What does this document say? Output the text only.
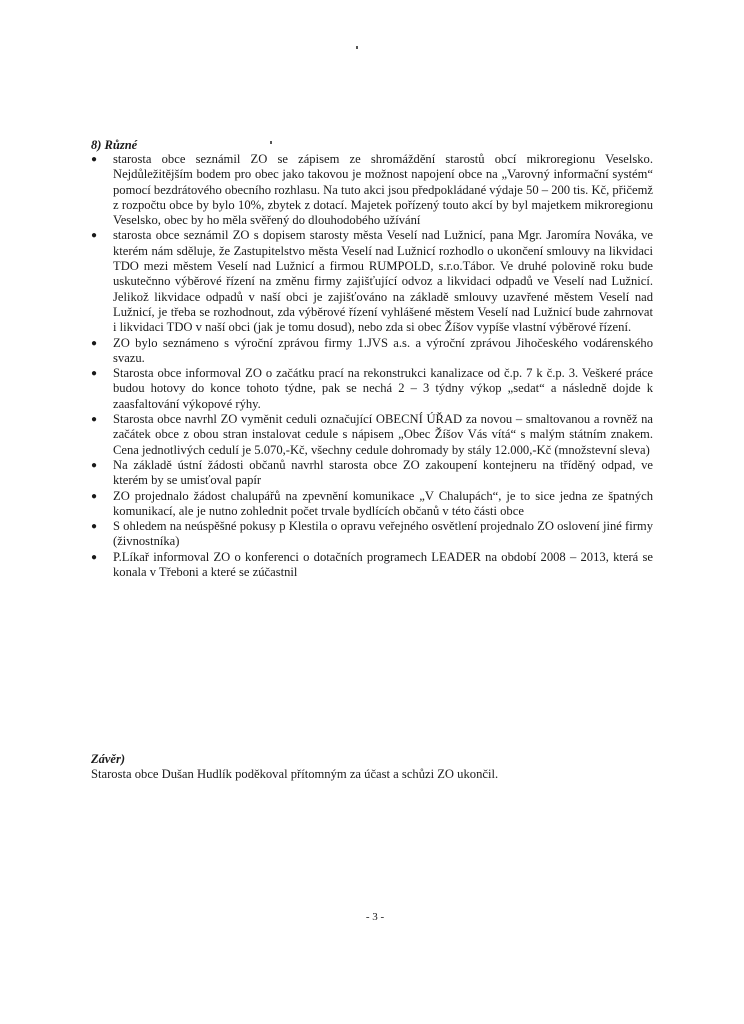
8) Různé
● starosta obce seznámil ZO se zápisem ze shromáždění starostů obcí mikroregionu Veselsko. Nejdůležitějším bodem pro obec jako takovou je možnost napojení obce na „Varovný informační systém“ pomocí bezdrátového obecního rozhlasu. Na tuto akci jsou předpokládané výdaje 50 – 200 tis. Kč, přičemž z rozpočtu obce by bylo 10%, zbytek z dotací. Majetek pořízený touto akcí by byl majetkem mikroregionu Veselsko, obec by ho měla svěřený do dlouhodobého užívání
● starosta obce seznámil ZO s dopisem starosty města Veselí nad Lužnicí, pana Mgr. Jaromíra Nováka, ve kterém nám sděluje, že Zastupitelstvo města Veselí nad Lužnicí rozhodlo o ukončení smlouvy na likvidaci TDO mezi městem Veselí nad Lužnicí a firmou RUMPOLD, s.r.o.Tábor. Ve druhé polovině roku bude uskutečnno výběrové řízení na změnu firmy zajišťující odvoz a likvidaci odpadů ve Veselí nad Lužnicí. Jelikož likvidace odpadů v naší obci je zajišťováno na základě smlouvy uzavřené městem Veselí nad Lužnicí, je třeba se rozhodnout, zda výběrové řízení vyhlášené městem Veselí nad Lužnicí bude zahrnovat i likvidaci TDO v naší obci (jak je tomu dosud), nebo zda si obec Žíšov vypíše vlastní výběrové řízení.
● ZO bylo seznámeno s výroční zprávou firmy 1.JVS a.s. a výroční zprávou Jihočeského vodárenského svazu.
● Starosta obce informoval ZO o začátku prací na rekonstrukci kanalizace od č.p. 7 k č.p. 3. Veškeré práce budou hotovy do konce tohoto týdne, pak se nechá 2 – 3 týdny výkop „sedat“ a následně dojde k zaasfaltování výkopové rýhy.
● Starosta obce navrhl ZO vyměnit ceduli označující OBECNÍ ÚŘAD za novou – smaltovanou a rovněž na začátek obce z obou stran instalovat cedule s nápisem „Obec Žíšov Vás vítá“ s malým státním znakem. Cena jednotlivých cedulí je 5.070,-Kč, všechny cedule dohromady by stály 12.000,-Kč (množstevní sleva)
● Na základě ústní žádosti občanů navrhl starosta obce ZO zakoupení kontejneru na tříděný odpad, ve kterém by se umisťoval papír
● ZO projednalo žádost chalupářů na zpevnění komunikace „V Chalupách“, je to sice jedna ze špatných komunikací, ale je nutno zohlednit počet trvale bydlících občanů v této části obce
● S ohledem na neúspěšné pokusy p Klestila o opravu veřejného osvětlení projednalo ZO oslovení jiné firmy (živnostníka)
● P.Líkař informoval ZO o konferenci o dotačních programech LEADER na období 2008 – 2013, která se konala v Třeboni a které se zúčastnil
Závěr)
Starosta obce Dušan Hudlík poděkoval přítomným za účast a schůzi ZO ukončil.
- 3 -
